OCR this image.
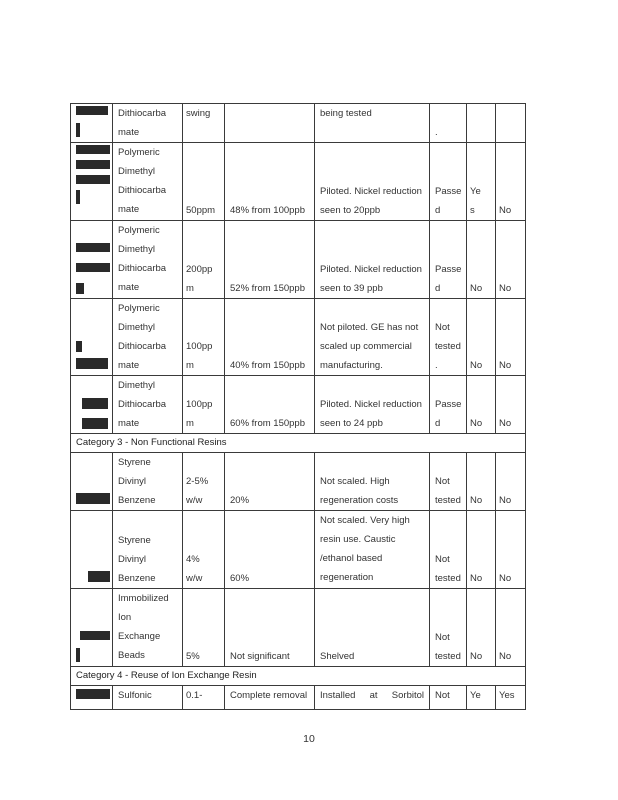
	Dithiocarba
mate	swing		being tested	.

	Polymeric
Dimethyl
Dithiocarba
mate	50ppm	48% from 100ppb	Piloted. Nickel reduction
seen to 20ppb	Passe
d	Ye
s	No

	Polymeric
Dimethyl
Dithiocarba
mate	200pp
m	52% from 150ppb	Piloted. Nickel reduction
seen to 39 ppb	Passe
d	No	No

	Polymeric
Dimethyl
Dithiocarba
mate	100pp
m	40% from 150ppb	Not piloted. GE has not
scaled up commercial
manufacturing.	Not
tested
.	No	No

	Dimethyl
Dithiocarba
mate	100pp
m	60% from 150ppb	Piloted. Nickel reduction
seen to 24 ppb	Passe
d	No	No
Category 3 - Non Functional Resins							

	Styrene
Divinyl
Benzene	2-5%
w/w	20%	Not scaled. High
regeneration costs	Not
tested	No	No

	Styrene
Divinyl
Benzene	4%
w/w	60%	Not scaled. Very high
resin use. Caustic
/ethanol based
regeneration	Not
tested	No	No

	Immobilized
Ion
Exchange
Beads	5%	Not significant	Shelved	Not
tested	No	No
Category 4 - Reuse of Ion Exchange Resin							

	Sulfonic	0.1-	Complete removal	Installed at Sorbitol	Not	Ye	Yes
10
